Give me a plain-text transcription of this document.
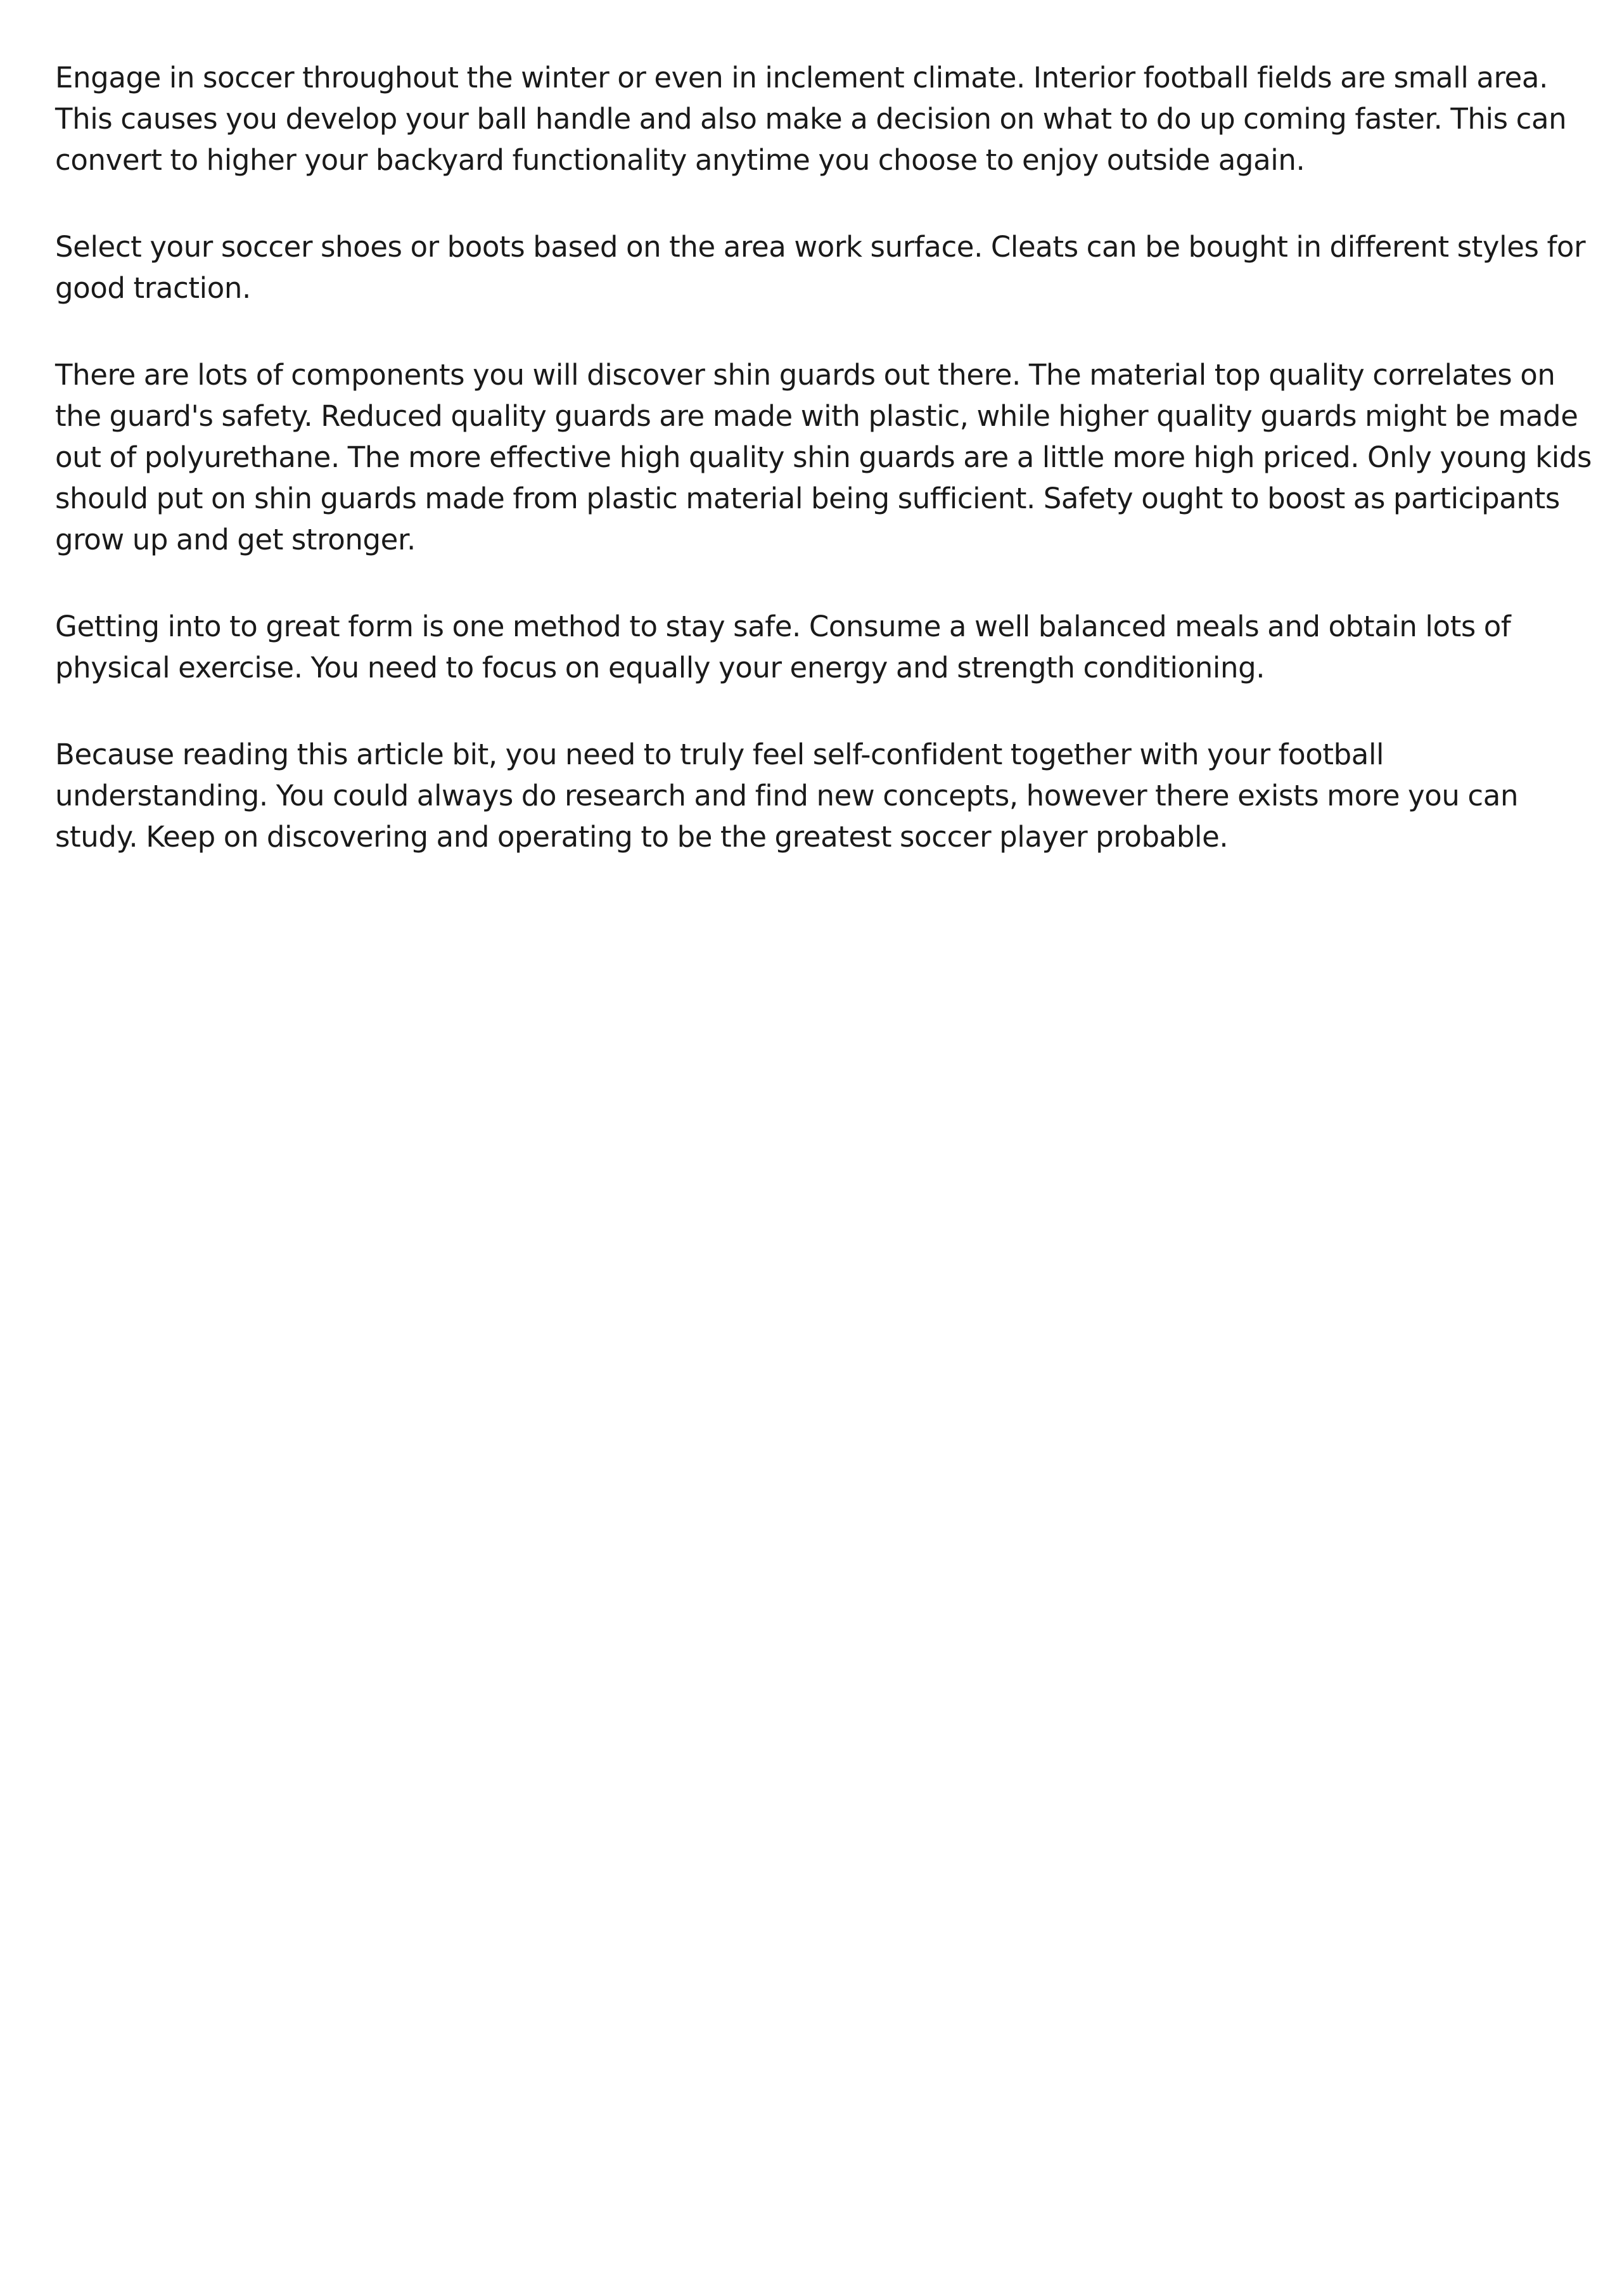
Engage in soccer throughout the winter or even in inclement climate. Interior football fields are small area. This causes you develop your ball handle and also make a decision on what to do up coming faster. This can convert to higher your backyard functionality anytime you choose to enjoy outside again.

Select your soccer shoes or boots based on the area work surface. Cleats can be bought in different styles for good traction.

There are lots of components you will discover shin guards out there. The material top quality correlates on the guard's safety. Reduced quality guards are made with plastic, while higher quality guards might be made out of polyurethane. The more effective high quality shin guards are a little more high priced. Only young kids should put on shin guards made from plastic material being sufficient. Safety ought to boost as participants grow up and get stronger.

Getting into to great form is one method to stay safe. Consume a well balanced meals and obtain lots of physical exercise. You need to focus on equally your energy and strength conditioning.

Because reading this article bit, you need to truly feel self-confident together with your football understanding. You could always do research and find new concepts, however there exists more you can study. Keep on discovering and operating to be the greatest soccer player probable.
